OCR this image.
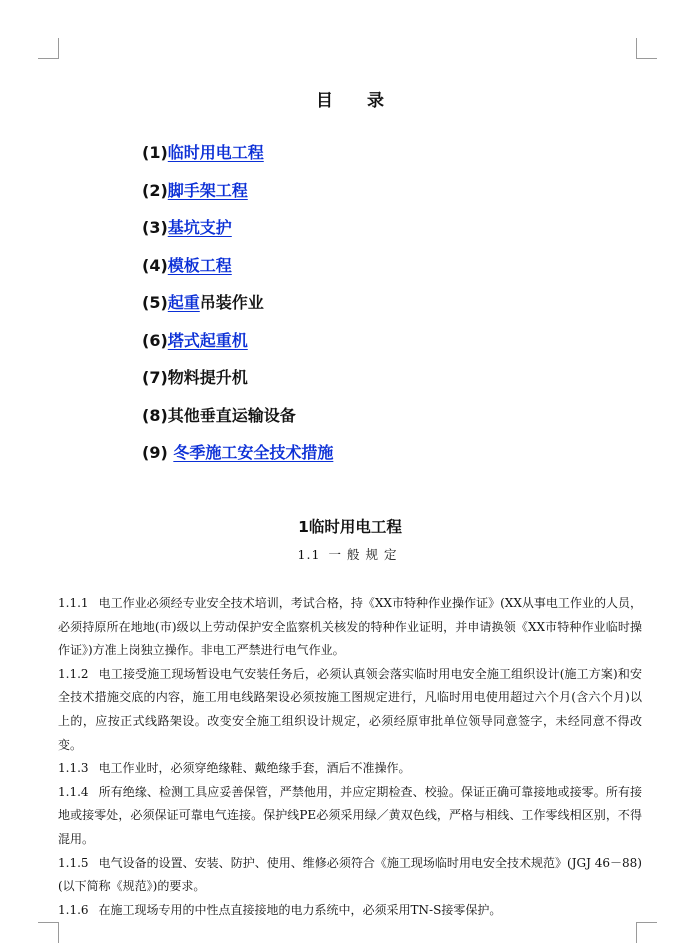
目 录
(1)临时用电工程
(2)脚手架工程
(3)基坑支护
(4)模板工程
(5)起重吊装作业
(6)塔式起重机
(7)物料提升机
(8)其他垂直运输设备
(9) 冬季施工安全技术措施
1临时用电工程
1.1 一般规定

1.1.1 电工作业必须经专业安全技术培训，考试合格，持《XX市特种作业操作证》(XX从事电工作业的人员，必须持原所在地地(市)级以上劳动保护安全监察机关核发的特种作业证明，并申请换领《XX市特种作业临时操作证》)方准上岗独立操作。非电工严禁进行电气作业。

1.1.2 电工接受施工现场暂设电气安装任务后，必须认真领会落实临时用电安全施工组织设计(施工方案)和安全技术措施交底的内容，施工用电线路架设必须按施工图规定进行，凡临时用电使用超过六个月(含六个月)以上的，应按正式线路架设。改变安全施工组织设计规定，必须经原审批单位领导同意签字，未经同意不得改变。

1.1.3 电工作业时，必须穿绝缘鞋、戴绝缘手套，酒后不准操作。

1.1.4 所有绝缘、检测工具应妥善保管，严禁他用，并应定期检查、校验。保证正确可靠接地或接零。所有接地或接零处，必须保证可靠电气连接。保护线PE必须采用绿／黄双色线，严格与相线、工作零线相区别，不得混用。

1.1.5 电气设备的设置、安装、防护、使用、维修必须符合《施工现场临时用电安全技术规范》(JGJ 46－88)(以下简称《规范》)的要求。

1.1.6 在施工现场专用的中性点直接接地的电力系统中，必须采用TN-S接零保护。
